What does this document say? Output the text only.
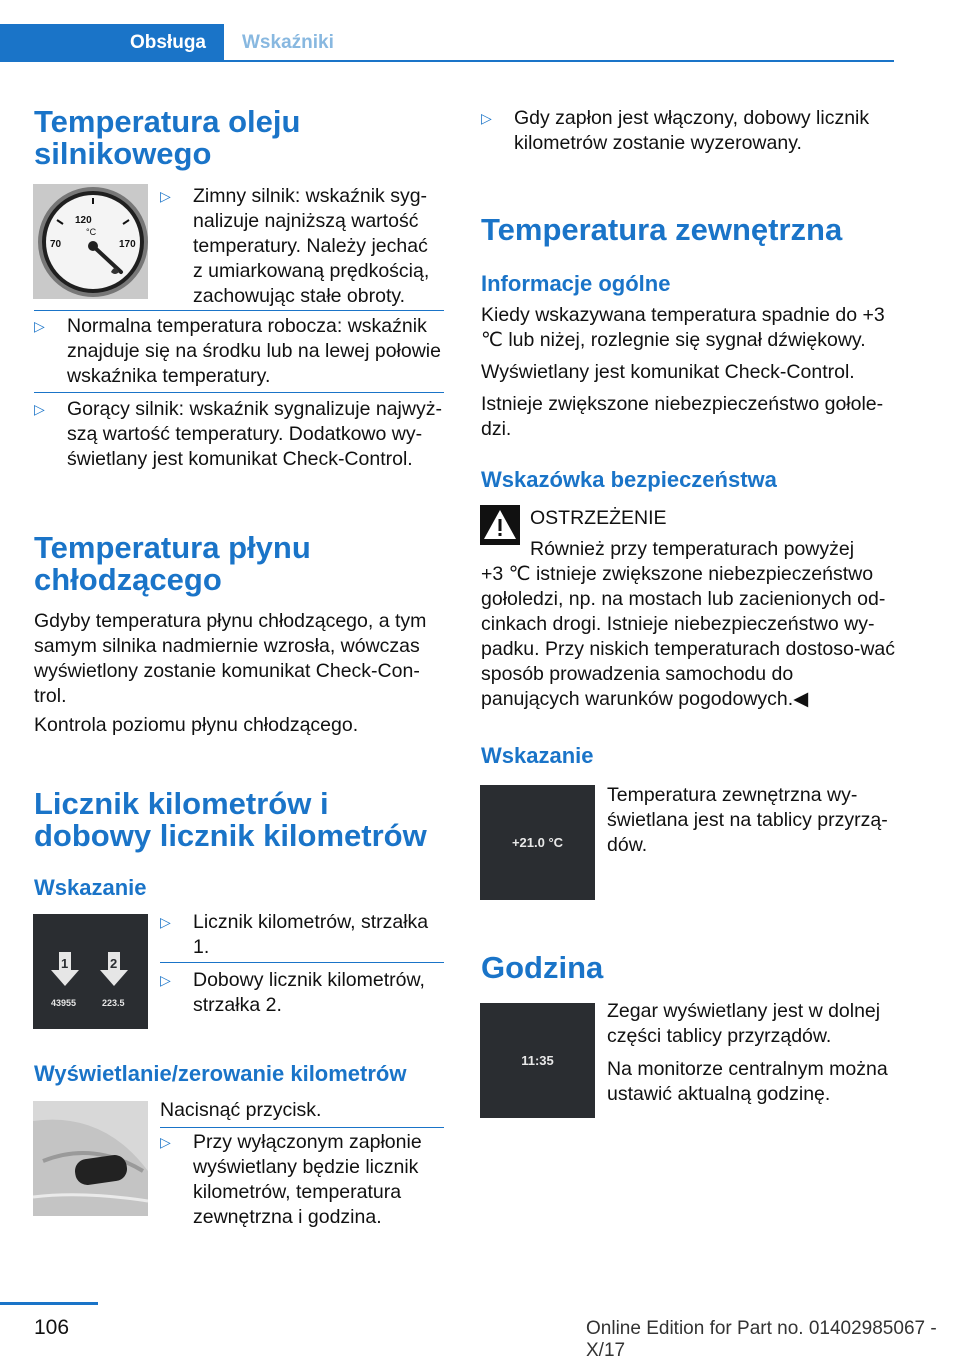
Obsługa	Wskaźniki
Temperatura oleju silnikowego
120
°C
70	170
▷ Zimny silnik: wskaźnik syg-nalizuje najniższą wartość temperatury. Należy jechać z umiarkowaną prędkością, zachowując stałe obroty.
▷ Normalna temperatura robocza: wskaźnik znajduje się na środku lub na lewej połowie wskaźnika temperatury.
▷ Gorący silnik: wskaźnik sygnalizuje najwyż-szą wartość temperatury. Dodatkowo wy-świetlany jest komunikat Check-Control.
Temperatura płynu chłodzącego

Gdyby temperatura płynu chłodzącego, a tym samym silnika nadmiernie wzrosła, wówczas wyświetlony zostanie komunikat Check-Con-trol.

Kontrola poziomu płynu chłodzącego.

Licznik kilometrów i dobowy licznik kilometrów
Wskazanie
1	2
43955	223.5
▷ Licznik kilometrów, strzałka 1.
▷ Dobowy licznik kilometrów, strzałka 2.
Wyświetlanie/zerowanie kilometrów

Nacisnąć przycisk.

▷ Przy wyłączonym zapłonie wyświetlany będzie licznik kilometrów, temperatura zewnętrzna i godzina.
▷ Gdy zapłon jest włączony, dobowy licznik kilometrów zostanie wyzerowany.
Temperatura zewnętrzna
Informacje ogólne

Kiedy wskazywana temperatura spadnie do +3 ℃ lub niżej, rozlegnie się sygnał dźwiękowy.

Wyświetlany jest komunikat Check-Control.

Istnieje zwiększone niebezpieczeństwo gołole-dzi.

Wskazówka bezpieczeństwa

OSTRZEŻENIE

Również przy temperaturach powyżej

+3 ℃ istnieje zwiększone niebezpieczeństwo gołoledzi, np. na mostach lub zacienionych od-cinkach drogi. Istnieje niebezpieczeństwo wy-padku. Przy niskich temperaturach dostoso-wać sposób prowadzenia samochodu do panujących warunków pogodowych.◀

Wskazanie
+21.0 °C

Temperatura zewnętrzna wy-świetlana jest na tablicy przyrzą-dów.

Godzina
11:35

Zegar wyświetlany jest w dolnej części tablicy przyrządów.

Na monitorze centralnym można ustawić aktualną godzinę.

106	Online Edition for Part no. 01402985067 - X/17
